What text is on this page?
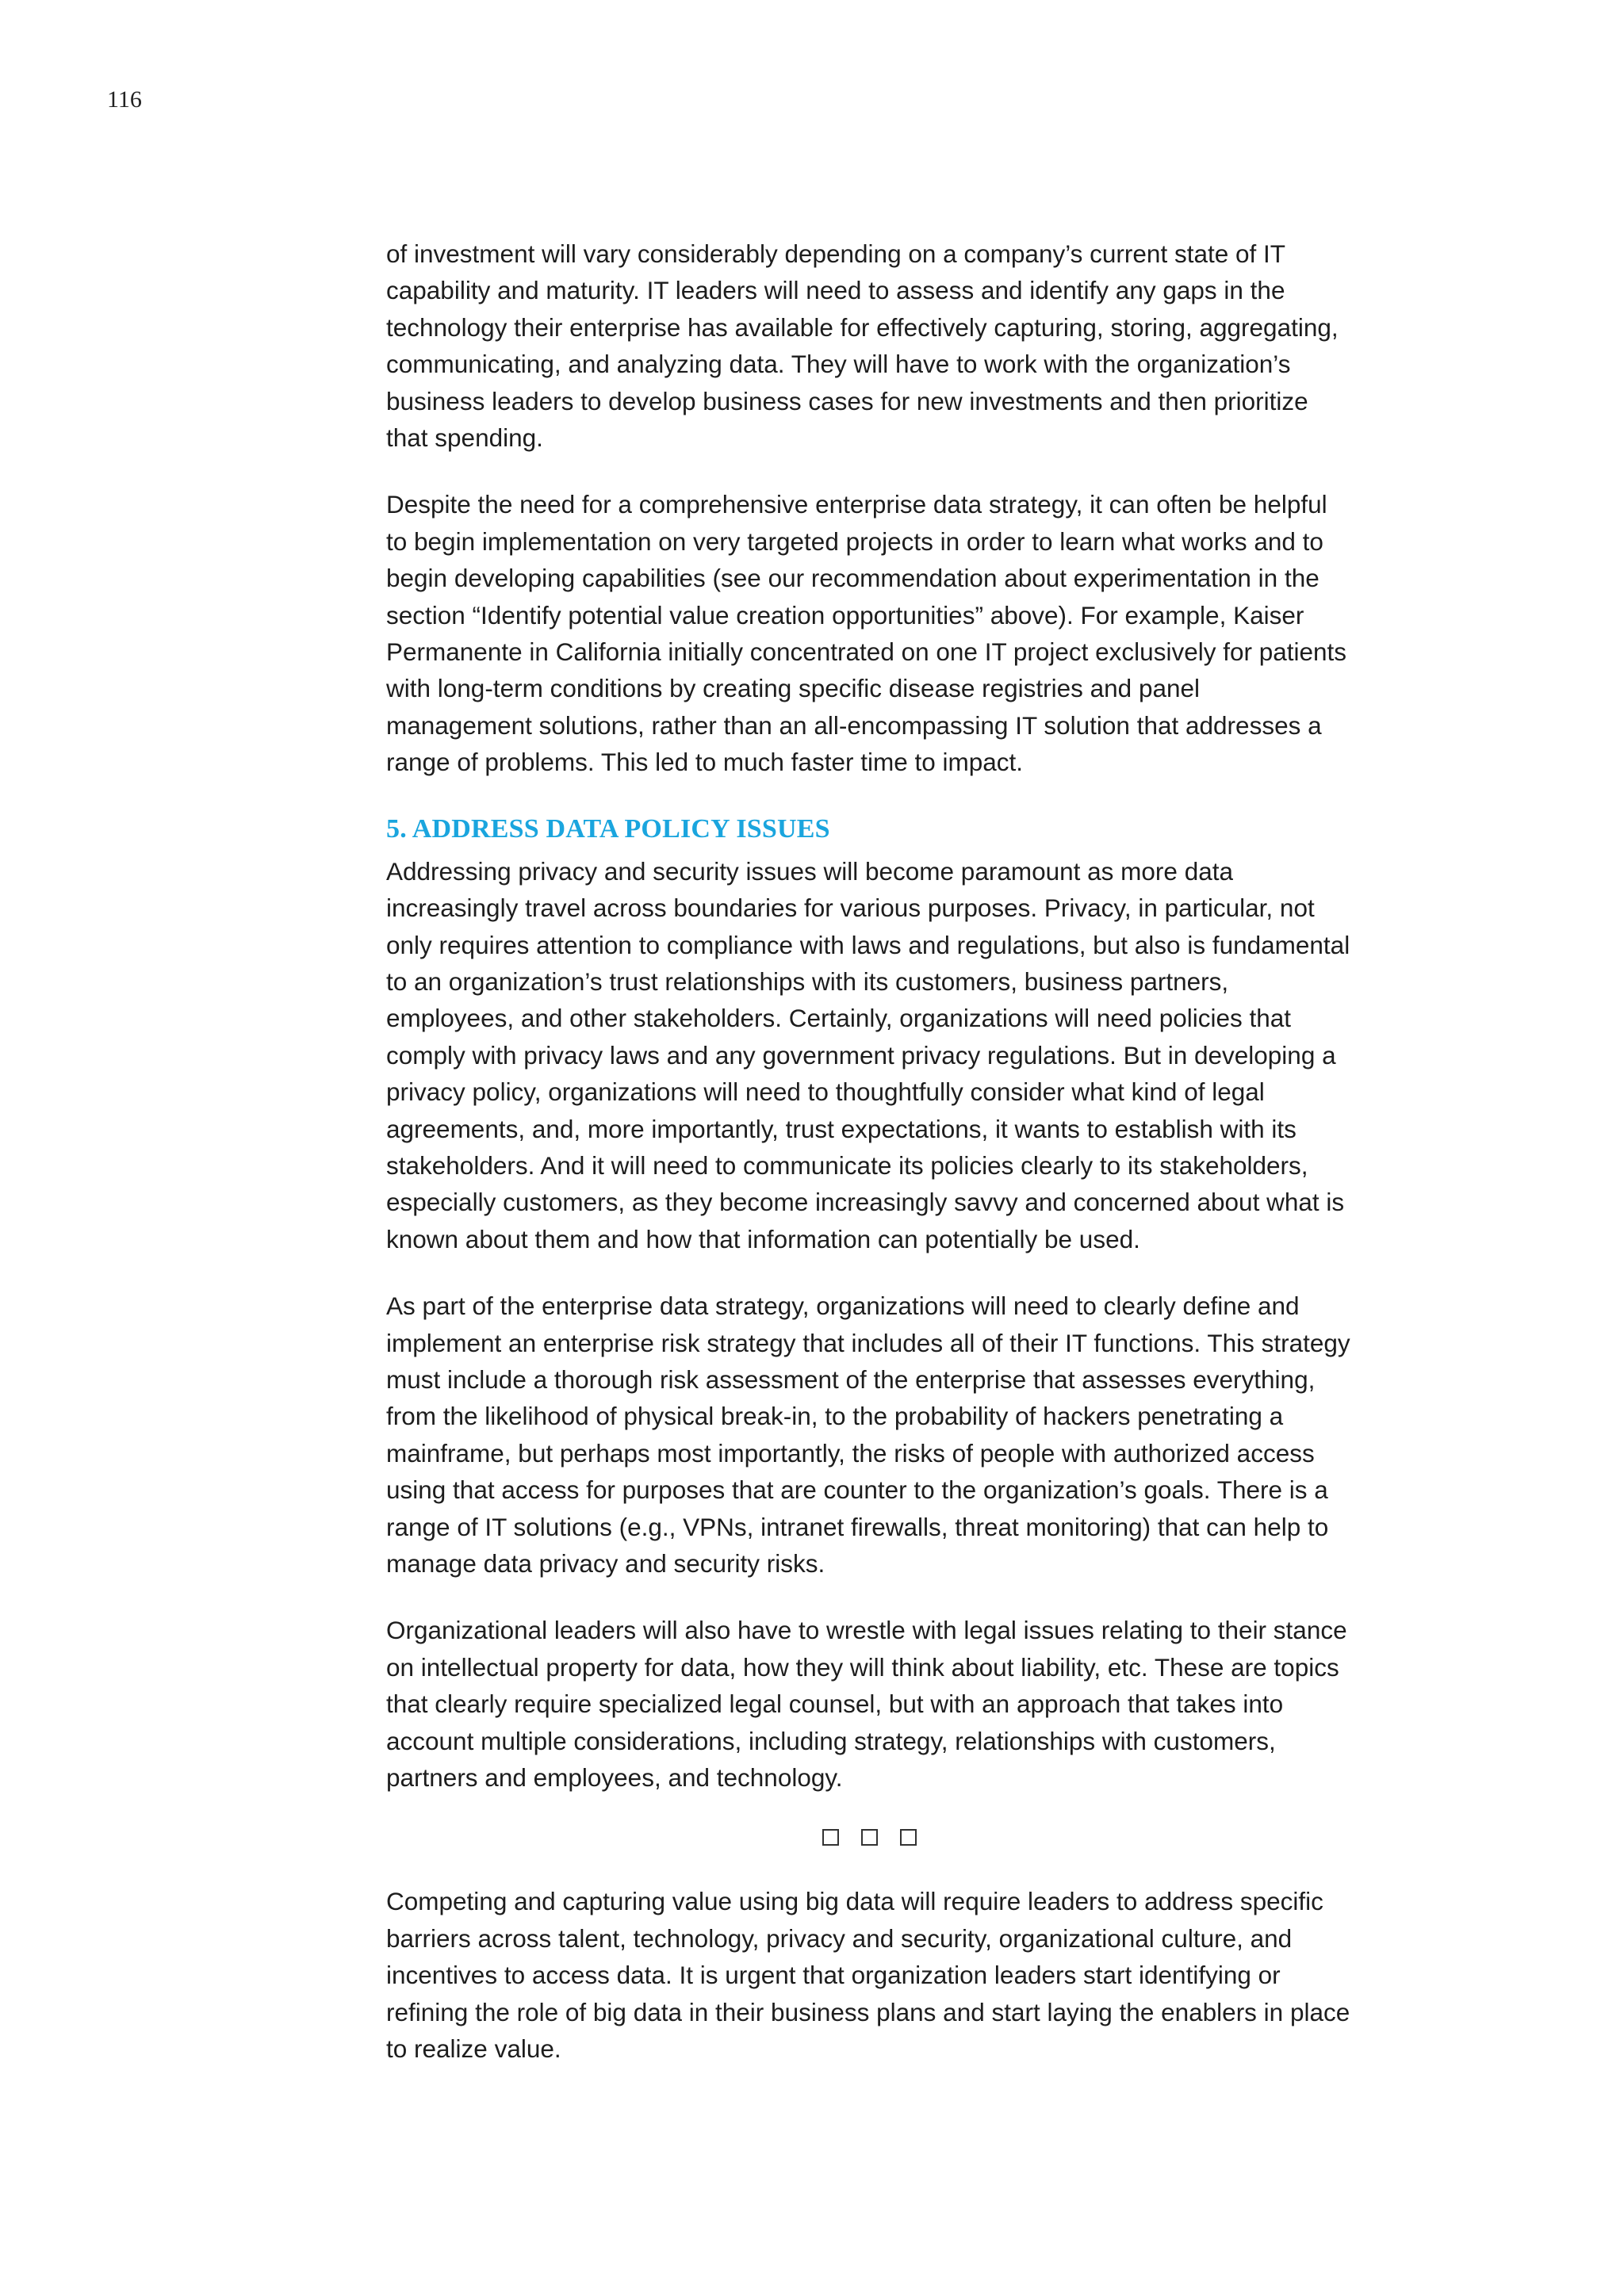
116

of investment will vary considerably depending on a company’s current state of IT capability and maturity. IT leaders will need to assess and identify any gaps in the technology their enterprise has available for effectively capturing, storing, aggregating, communicating, and analyzing data. They will have to work with the organization’s business leaders to develop business cases for new investments and then prioritize that spending.

Despite the need for a comprehensive enterprise data strategy, it can often be helpful to begin implementation on very targeted projects in order to learn what works and to begin developing capabilities (see our recommendation about experimentation in the section “Identify potential value creation opportunities” above). For example, Kaiser Permanente in California initially concentrated on one IT project exclusively for patients with long-term conditions by creating specific disease registries and panel management solutions, rather than an all-encompassing IT solution that addresses a range of problems. This led to much faster time to impact.

5. ADDRESS DATA POLICY ISSUES

Addressing privacy and security issues will become paramount as more data increasingly travel across boundaries for various purposes. Privacy, in particular, not only requires attention to compliance with laws and regulations, but also is fundamental to an organization’s trust relationships with its customers, business partners, employees, and other stakeholders. Certainly, organizations will need policies that comply with privacy laws and any government privacy regulations. But in developing a privacy policy, organizations will need to thoughtfully consider what kind of legal agreements, and, more importantly, trust expectations, it wants to establish with its stakeholders. And it will need to communicate its policies clearly to its stakeholders, especially customers, as they become increasingly savvy and concerned about what is known about them and how that information can potentially be used.

As part of the enterprise data strategy, organizations will need to clearly define and implement an enterprise risk strategy that includes all of their IT functions. This strategy must include a thorough risk assessment of the enterprise that assesses everything, from the likelihood of physical break-in, to the probability of hackers penetrating a mainframe, but perhaps most importantly, the risks of people with authorized access using that access for purposes that are counter to the organization’s goals. There is a range of IT solutions (e.g., VPNs, intranet firewalls, threat monitoring) that can help to manage data privacy and security risks.

Organizational leaders will also have to wrestle with legal issues relating to their stance on intellectual property for data, how they will think about liability, etc. These are topics that clearly require specialized legal counsel, but with an approach that takes into account multiple considerations, including strategy, relationships with customers, partners and employees, and technology.

Competing and capturing value using big data will require leaders to address specific barriers across talent, technology, privacy and security, organizational culture, and incentives to access data. It is urgent that organization leaders start identifying or refining the role of big data in their business plans and start laying the enablers in place to realize value.
